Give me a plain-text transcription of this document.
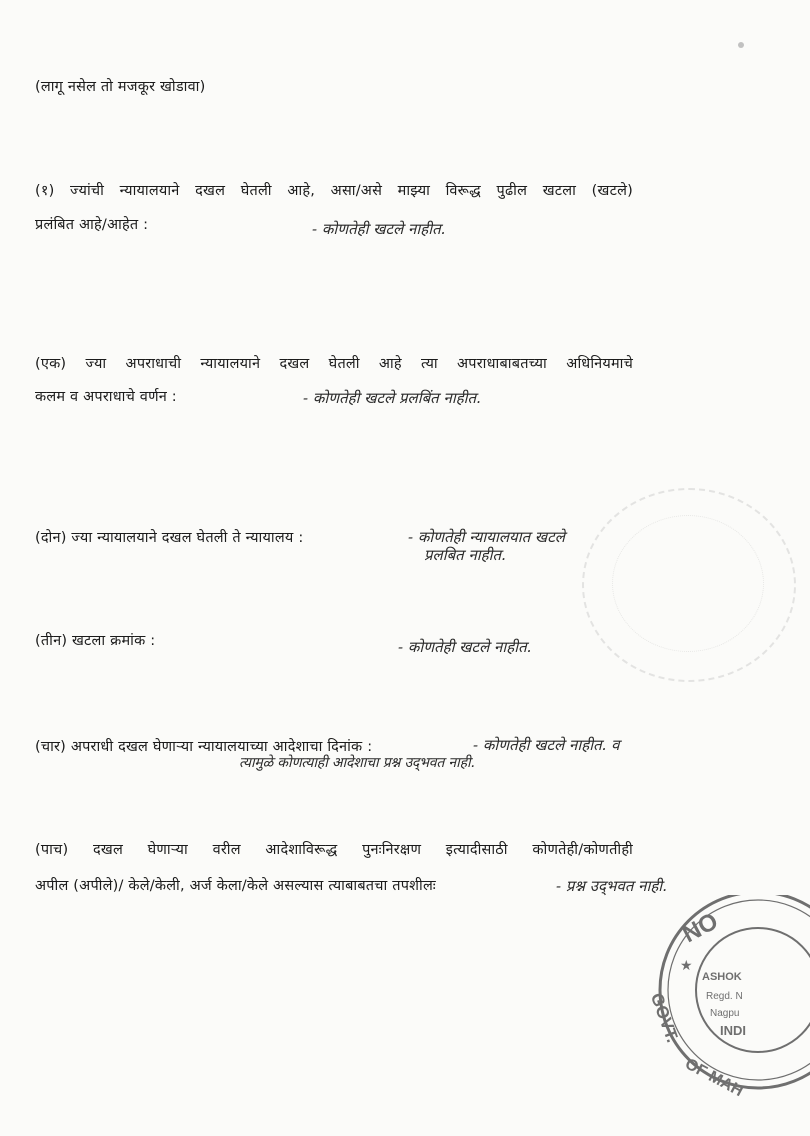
(लागू नसेल तो मजकूर खोडावा)
(१) ज्यांची न्यायालयाने दखल घेतली आहे, असा/असे माझ्या विरूद्ध पुढील खटला (खटले)
प्रलंबित आहे/आहेत :	- कोणतेही खटले नाहीत.
(एक) ज्या अपराधाची न्यायालयाने दखल घेतली आहे त्या अपराधाबाबतच्या अधिनियमाचे
कलम व अपराधाचे वर्णन :	- कोणतेही खटले प्रलबिंत नाहीत.
(दोन) ज्या न्यायालयाने दखल घेतली ते न्यायालय :	- कोणतेही न्यायालयात खटले
प्रलबित नाहीत.
(तीन) खटला क्रमांक :	- कोणतेही खटले नाहीत.
(चार) अपराधी दखल घेणाऱ्या न्यायालयाच्या आदेशाचा दिनांक :	- कोणतेही खटले नाहीत. व
त्यामुळे कोणत्याही आदेशाचा प्रश्न उद्‌भवत नाही.
(पाच) दखल घेणाऱ्या वरील आदेशाविरूद्ध पुनःनिरक्षण इत्यादीसाठी कोणतेही/कोणतीही
अपील (अपीले)/ केले/केली, अर्ज केला/केले असल्यास त्याबाबतचा तपशीलः	- प्रश्न उद्‌भवत नाही.
NO
★
ASHOK
Regd. N
Nagpu
INDI
GOVT.
OF MAH
